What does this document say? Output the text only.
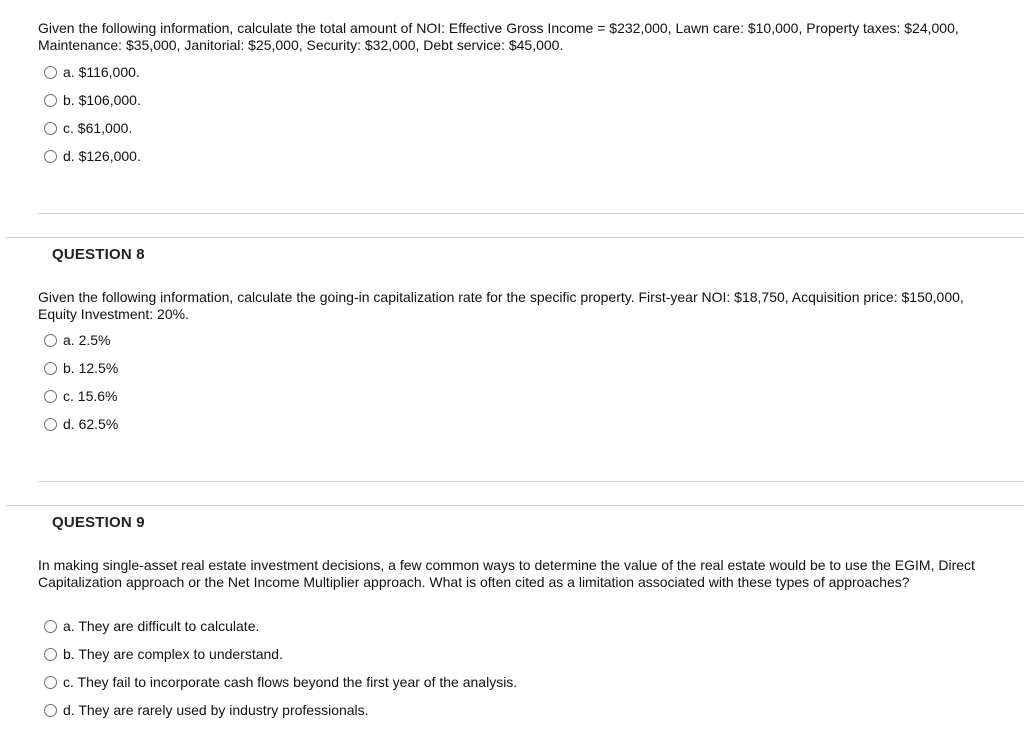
Given the following information, calculate the total amount of NOI: Effective Gross Income = $232,000, Lawn care: $10,000, Property taxes: $24,000, Maintenance: $35,000, Janitorial: $25,000, Security: $32,000, Debt service: $45,000.
a. $116,000.
b. $106,000.
c. $61,000.
d. $126,000.
QUESTION 8
Given the following information, calculate the going-in capitalization rate for the specific property. First-year NOI: $18,750, Acquisition price: $150,000, Equity Investment: 20%.
a. 2.5%
b. 12.5%
c. 15.6%
d. 62.5%
QUESTION 9
In making single-asset real estate investment decisions, a few common ways to determine the value of the real estate would be to use the EGIM, Direct Capitalization approach or the Net Income Multiplier approach. What is often cited as a limitation associated with these types of approaches?
a. They are difficult to calculate.
b. They are complex to understand.
c. They fail to incorporate cash flows beyond the first year of the analysis.
d. They are rarely used by industry professionals.
